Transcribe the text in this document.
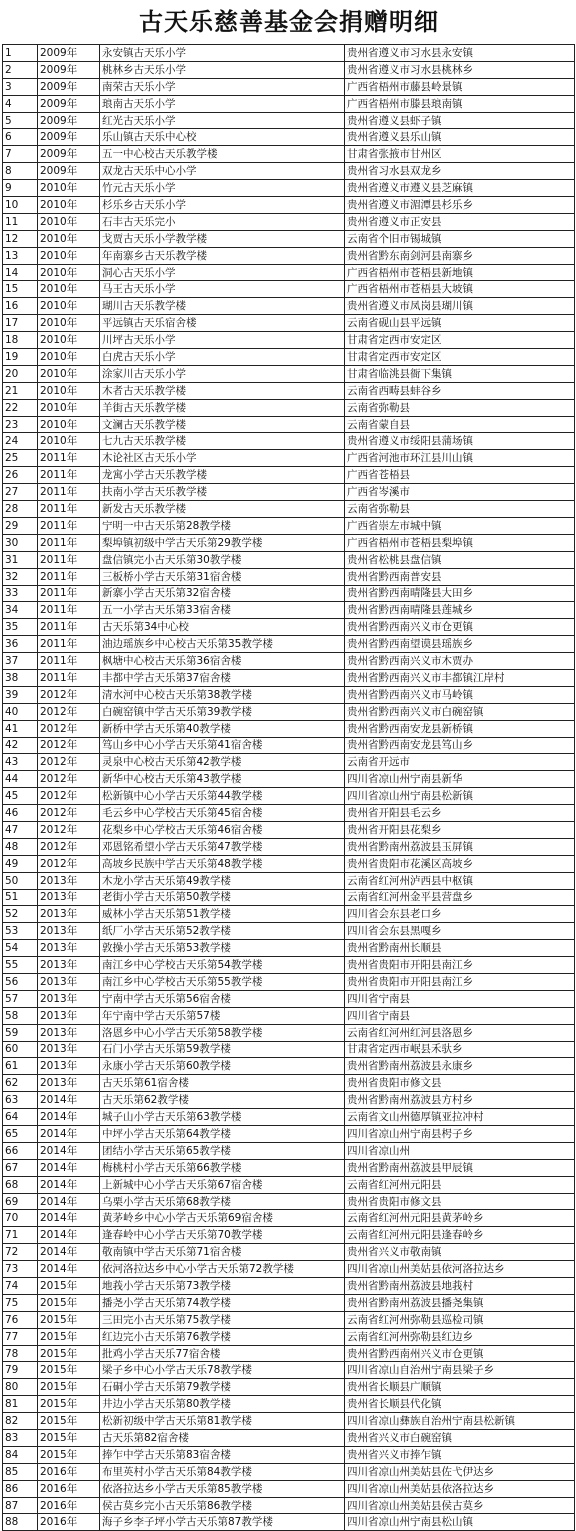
古天乐慈善基金会捐赠明细
1	2009年	永安镇古天乐小学	贵州省遵义市习水县永安镇
2	2009年	桃林乡古天乐小学	贵州省遵义市习水县桃林乡
3	2009年	南荣古天乐小学	广西省梧州市藤县岭景镇
4	2009年	琅南古天乐小学	广西省梧州市滕县琅南镇
5	2009年	红光古天乐小学	贵州省遵义县虾子镇
6	2009年	乐山镇古天乐中心校	贵州省遵义县乐山镇
7	2009年	五一中心校古天乐教学楼	甘肃省张掖市甘州区
8	2009年	双龙古天乐中心小学	贵州省习水县双龙乡
9	2010年	竹元古天乐小学	贵州省遵义市遵义县芝麻镇
10	2010年	杉乐乡古天乐小学	贵州省遵义市湄潭县杉乐乡
11	2010年	石丰古天乐完小	贵州省遵义市正安县
12	2010年	戈贾古天乐小学教学楼	云南省个旧市锡城镇
13	2010年	年南寨乡古天乐教学楼	贵州省黔东南剑河县南寨乡
14	2010年	洞心古天乐小学	广西省梧州市苍梧县新地镇
15	2010年	马王古天乐小学	广西省梧州市苍梧县大坡镇
16	2010年	瑚川古天乐教学楼	贵州省遵义市凤岗县瑚川镇
17	2010年	平远镇古天乐宿舍楼	云南省砚山县平远镇
18	2010年	川坪古天乐小学	甘肃省定西市安定区
19	2010年	白虎古天乐小学	甘肃省定西市安定区
20	2010年	涂家川古天乐小学	甘肃省临洮县衙下集镇
21	2010年	木者古天乐教学楼	云南省西畴县蚌谷乡
22	2010年	羊街古天乐教学楼	云南省弥勒县
23	2010年	文澜古天乐教学楼	云南省蒙自县
24	2010年	七九古天乐教学楼	贵州省遵义市绥阳县蒲场镇
25	2011年	木论社区古天乐小学	广西省河池市环江县川山镇
26	2011年	龙寓小学古天乐教学楼	广西省苍梧县
27	2011年	扶南小学古天乐教学楼	广西省岑溪市
28	2011年	新发古天乐教学楼	云南省弥勒县
29	2011年	宁明一中古天乐第28教学楼	广西省崇左市城中镇
30	2011年	梨埠镇初级中学古天乐第29教学楼	广西省梧州市苍梧县梨埠镇
31	2011年	盘信镇完小古天乐第30教学楼	贵州省松桃县盘信镇
32	2011年	三板桥小学古天乐第31宿舍楼	贵州省黔西南普安县
33	2011年	新寨小学古天乐第32宿舍楼	贵州省黔西南晴隆县大田乡
34	2011年	五一小学古天乐第33宿舍楼	贵州省黔西南晴隆县莲城乡
35	2011年	古天乐第34中心校	贵州省黔西南兴义市仓更镇
36	2011年	油边瑶族乡中心校古天乐第35教学楼	贵州省黔西南望谟县瑶族乡
37	2011年	枫塘中心校古天乐第36宿舍楼	贵州省黔西南兴义市木贾办
38	2011年	丰都中学古天乐第37宿舍楼	贵州省黔西南兴义市丰都镇江岸村
39	2012年	清水河中心校古天乐第38教学楼	贵州省黔西南兴义市马岭镇
40	2012年	白碗窑镇中学古天乐第39教学楼	贵州省黔西南兴义市白碗窑镇
41	2012年	新桥中学古天乐第40教学楼	贵州省黔西南安龙县新桥镇
42	2012年	笃山乡中心小学古天乐第41宿舍楼	贵州省黔西南安龙县笃山乡
43	2012年	灵泉中心校古天乐第42教学楼	云南省开远市
44	2012年	新华中心校古天乐第43教学楼	四川省凉山州宁南县新华
45	2012年	松新镇中心小学古天乐第44教学楼	四川省凉山州宁南县松新镇
46	2012年	毛云乡中心学校古天乐第45宿舍楼	贵州省开阳县毛云乡
47	2012年	花梨乡中心学校古天乐第46宿舍楼	贵州省开阳县花梨乡
48	2012年	邓恩铭希望小学古天乐第47教学楼	贵州省黔南州荔波县玉屏镇
49	2012年	高坡乡民族中学古天乐第48教学楼	贵州省贵阳市花溪区高坡乡
50	2013年	木龙小学古天乐第49教学楼	云南省红河州泸西县中枢镇
51	2013年	老街小学古天乐第50教学楼	云南省红河州金平县营盘乡
52	2013年	威林小学古天乐第51教学楼	四川省会东县老口乡
53	2013年	纸厂小学古天乐第52教学楼	四川省会东县黑嘎乡
54	2013年	敦操小学古天乐第53教学楼	贵州省黔南州长顺县
55	2013年	南江乡中心学校古天乐第54教学楼	贵州省贵阳市开阳县南江乡
56	2013年	南江乡中心学校古天乐第55教学楼	贵州省贵阳市开阳县南江乡
57	2013年	宁南中学古天乐第56宿舍楼	四川省宁南县
58	2013年	年宁南中学古天乐第57楼	四川省宁南县
59	2013年	洛恩乡中心小学古天乐第58教学楼	云南省红河州红河县洛恩乡
60	2013年	石门小学古天乐第59教学楼	甘肃省定西市岷县禾驮乡
61	2013年	永康小学古天乐第60教学楼	贵州省黔南州荔波县永康乡
62	2013年	古天乐第61宿舍楼	贵州省贵阳市修文县
63	2014年	古天乐第62教学楼	贵州省黔南州荔波县方村乡
64	2014年	城子山小学古天乐第63教学楼	云南省文山州德厚镇亚拉冲村
65	2014年	中坪小学古天乐第64教学楼	四川省凉山州宁南县枵子乡
66	2014年	团结小学古天乐第65教学楼	四川省凉山州
67	2014年	梅桃村小学古天乐第66教学楼	贵州省黔南州荔波县甲辰镇
68	2014年	上新城中心小学古天乐第67宿舍楼	云南省红河州元阳县
69	2014年	乌栗小学古天乐第68教学楼	贵州省贵阳市修文县
70	2014年	黄茅岭乡中心小学古天乐第69宿舍楼	云南省红河州元阳县黄茅岭乡
71	2014年	逢春岭中心小学古天乐第70教学楼	云南省红河州元阳县逢春岭乡
72	2014年	敬南镇中学古天乐第71宿舍楼	贵州省兴义市敬南镇
73	2014年	依河洛拉达乡中心小学古天乐第72教学楼	四川省凉山州美姑县依河洛拉达乡
74	2015年	地莪小学古天乐第73教学楼	贵州省黔南州荔波县地莪村
75	2015年	播尧小学古天乐第74教学楼	贵州省黔南州荔波县播尧集镇
76	2015年	三田完小古天乐第75教学楼	云南省红河州弥勒县巡检司镇
77	2015年	红边完小古天乐第76教学楼	云南省红河州弥勒县红边乡
78	2015年	批鸡小学古天乐77宿舍楼	贵州省黔西南州兴义市仓更镇
79	2015年	梁子乡中心小学古天乐78教学楼	四川省凉山自治州宁南县梁子乡
80	2015年	石硐小学古天乐第79教学楼	贵州省长顺县广顺镇
81	2015年	井边小学古天乐第80教学楼	贵州省长顺县代化镇
82	2015年	松新初级中学古天乐第81教学楼	四川省凉山彝族自治州宁南县松新镇
83	2015年	古天乐第82宿舍楼	贵州省兴义市白碗窑镇
84	2015年	捧乍中学古天乐第83宿舍楼	贵州省兴义市捧乍镇
85	2016年	布里英村小学古天乐第84教学楼	四川省凉山州美姑县佐弋伊达乡
86	2016年	依洛拉达乡小学古天乐第85教学楼	四川省凉山州美姑县依洛拉达乡
87	2016年	侯古莫乡完小古天乐第86教学楼	四川省凉山州美姑县侯古莫乡
88	2016年	海子乡李子坪小学古天乐第87教学楼	四川省凉山州宁南县松山镇
